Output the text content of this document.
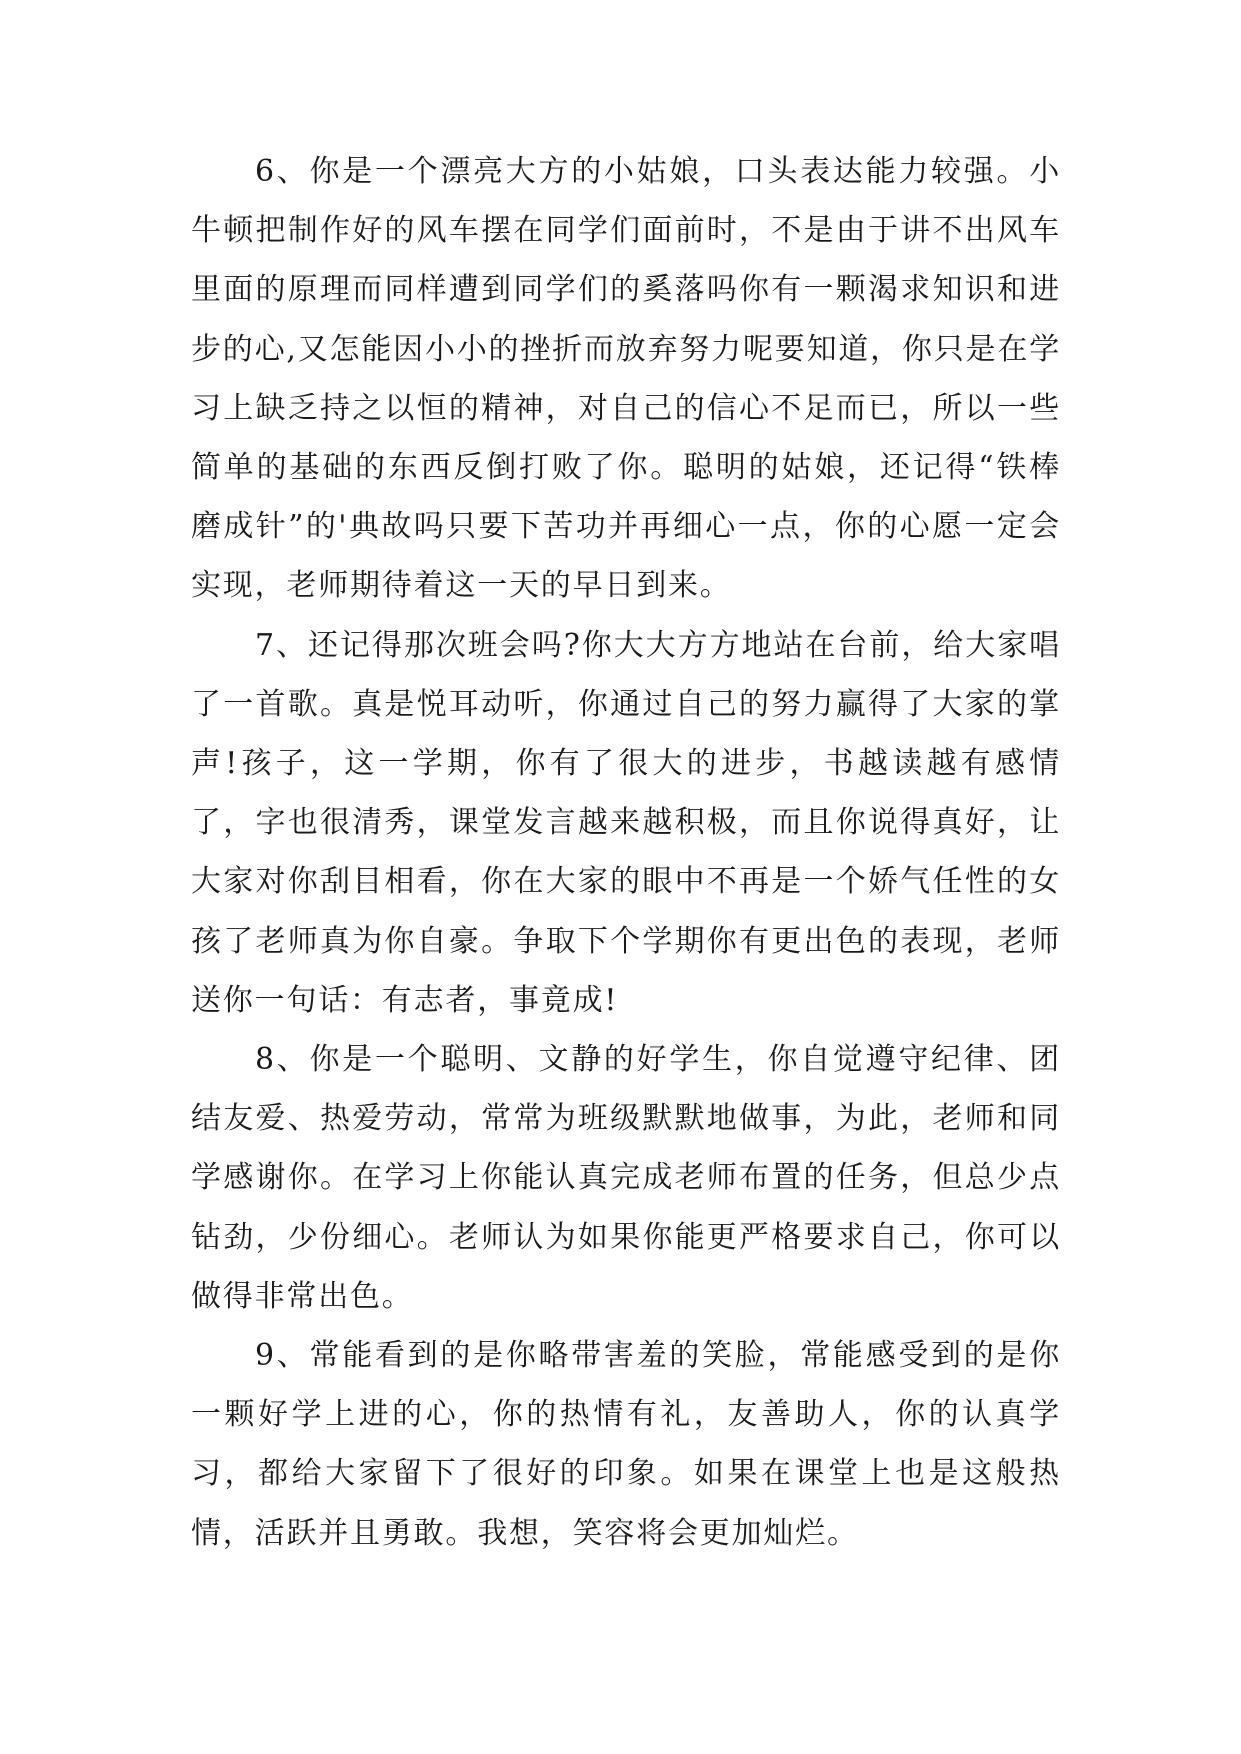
6、你是一个漂亮大方的小姑娘，口头表达能力较强。小牛顿把制作好的风车摆在同学们面前时，不是由于讲不出风车里面的原理而同样遭到同学们的奚落吗你有一颗渴求知识和进步的心,又怎能因小小的挫折而放弃努力呢要知道，你只是在学习上缺乏持之以恒的精神，对自己的信心不足而已，所以一些简单的基础的东西反倒打败了你。聪明的姑娘，还记得“铁棒磨成针”的'典故吗只要下苦功并再细心一点，你的心愿一定会实现，老师期待着这一天的早日到来。

7、还记得那次班会吗?你大大方方地站在台前，给大家唱了一首歌。真是悦耳动听，你通过自己的努力赢得了大家的掌声!孩子，这一学期，你有了很大的进步，书越读越有感情了，字也很清秀，课堂发言越来越积极，而且你说得真好，让大家对你刮目相看，你在大家的眼中不再是一个娇气任性的女孩了老师真为你自豪。争取下个学期你有更出色的表现，老师送你一句话：有志者，事竟成!

8、你是一个聪明、文静的好学生，你自觉遵守纪律、团结友爱、热爱劳动，常常为班级默默地做事，为此，老师和同学感谢你。在学习上你能认真完成老师布置的任务，但总少点钻劲，少份细心。老师认为如果你能更严格要求自己，你可以做得非常出色。

9、常能看到的是你略带害羞的笑脸，常能感受到的是你一颗好学上进的心，你的热情有礼，友善助人，你的认真学习，都给大家留下了很好的印象。如果在课堂上也是这般热情，活跃并且勇敢。我想，笑容将会更加灿烂。
